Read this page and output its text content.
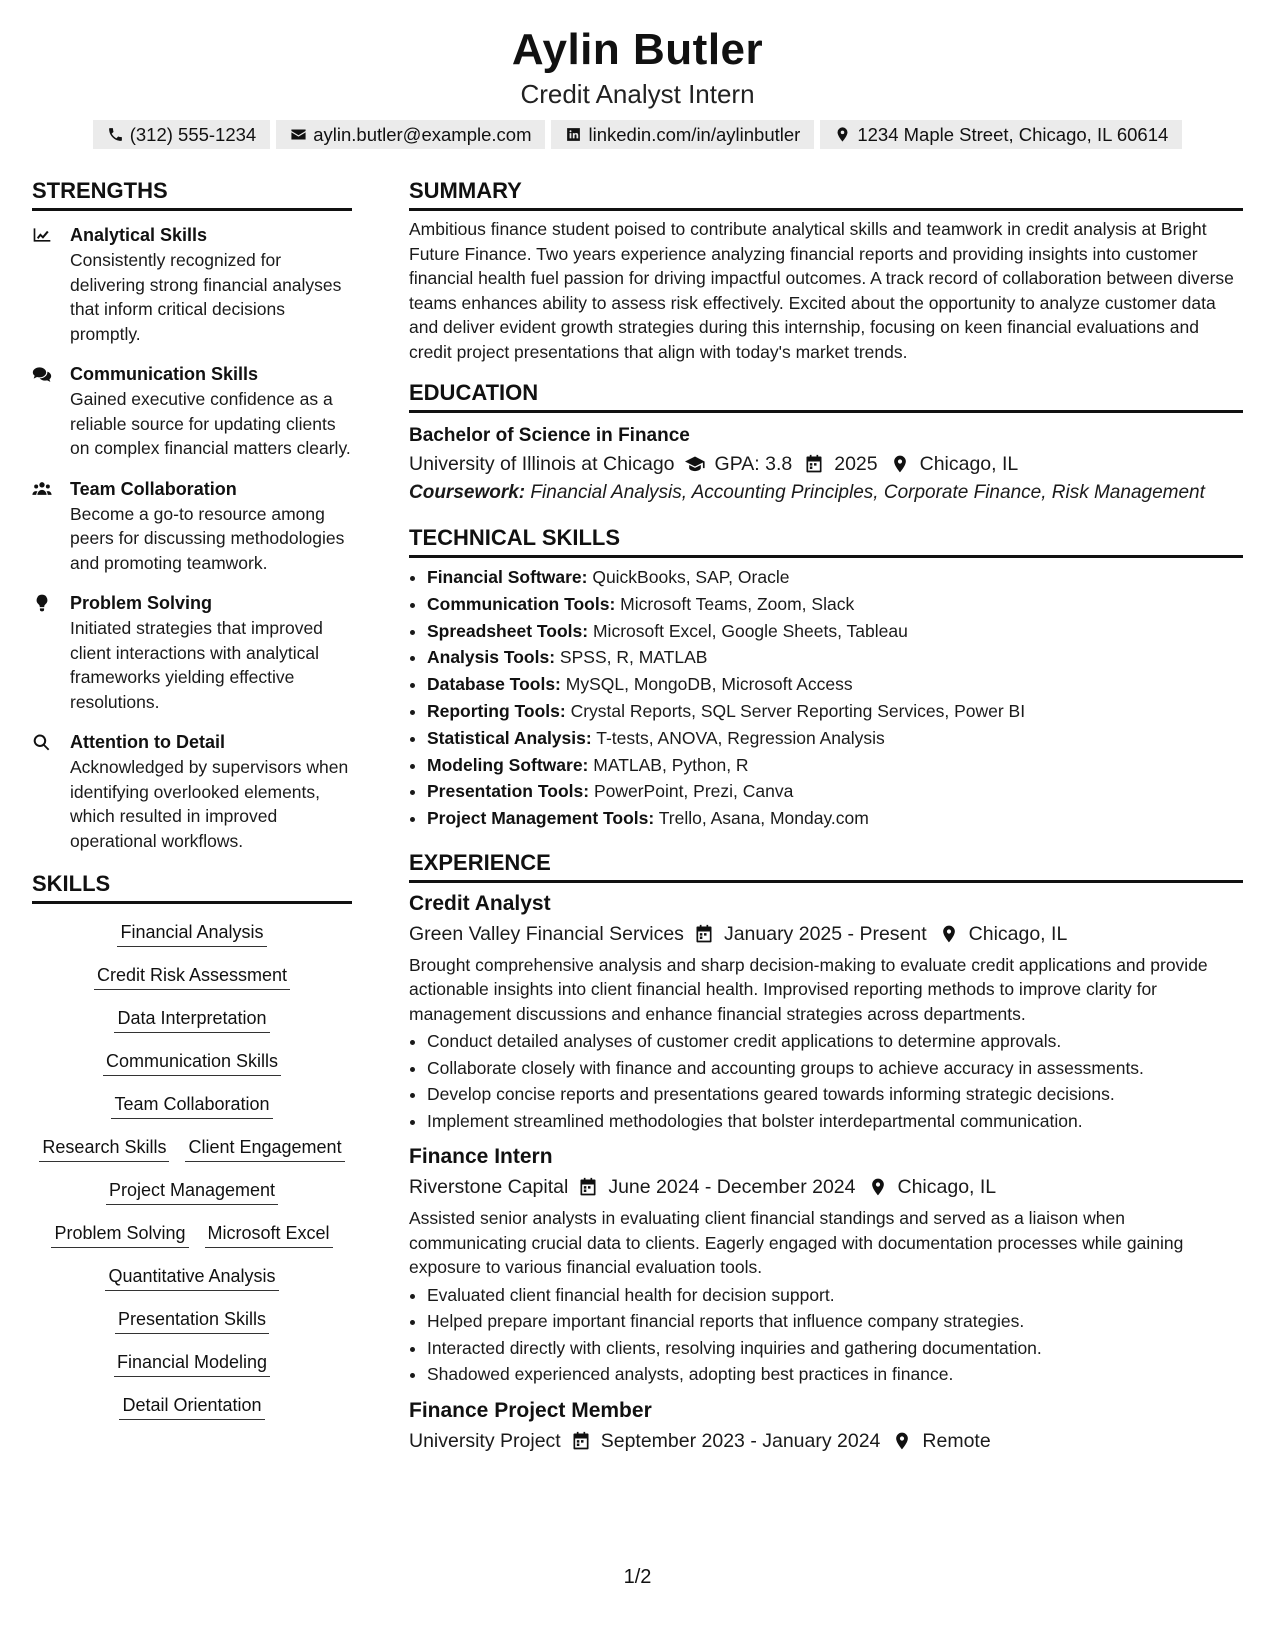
Aylin Butler
Credit Analyst Intern
(312) 555-1234	aylin.butler@example.com	linkedin.com/in/aylinbutler	1234 Maple Street, Chicago, IL 60614
STRENGTHS
Analytical Skills
Consistently recognized for delivering strong financial analyses that inform critical decisions promptly.
Communication Skills
Gained executive confidence as a reliable source for updating clients on complex financial matters clearly.
Team Collaboration
Become a go-to resource among peers for discussing methodologies and promoting teamwork.
Problem Solving
Initiated strategies that improved client interactions with analytical frameworks yielding effective resolutions.
Attention to Detail
Acknowledged by supervisors when identifying overlooked elements, which resulted in improved operational workflows.
SKILLS
Financial Analysis
Credit Risk Assessment
Data Interpretation
Communication Skills
Team Collaboration
Research Skills Client Engagement
Project Management
Problem Solving Microsoft Excel
Quantitative Analysis
Presentation Skills
Financial Modeling
Detail Orientation
SUMMARY
Ambitious finance student poised to contribute analytical skills and teamwork in credit analysis at Bright Future Finance. Two years experience analyzing financial reports and providing insights into customer financial health fuel passion for driving impactful outcomes. A track record of collaboration between diverse teams enhances ability to assess risk effectively. Excited about the opportunity to analyze customer data and deliver evident growth strategies during this internship, focusing on keen financial evaluations and credit project presentations that align with today's market trends.
EDUCATION
Bachelor of Science in Finance
University of Illinois at Chicago GPA: 3.8 2025 Chicago, IL
Coursework: Financial Analysis, Accounting Principles, Corporate Finance, Risk Management
TECHNICAL SKILLS
• Financial Software: QuickBooks, SAP, Oracle
• Communication Tools: Microsoft Teams, Zoom, Slack
• Spreadsheet Tools: Microsoft Excel, Google Sheets, Tableau
• Analysis Tools: SPSS, R, MATLAB
• Database Tools: MySQL, MongoDB, Microsoft Access
• Reporting Tools: Crystal Reports, SQL Server Reporting Services, Power BI
• Statistical Analysis: T-tests, ANOVA, Regression Analysis
• Modeling Software: MATLAB, Python, R
• Presentation Tools: PowerPoint, Prezi, Canva
• Project Management Tools: Trello, Asana, Monday.com
EXPERIENCE
Credit Analyst
Green Valley Financial Services January 2025 - Present Chicago, IL
Brought comprehensive analysis and sharp decision-making to evaluate credit applications and provide actionable insights into client financial health. Improvised reporting methods to improve clarity for management discussions and enhance financial strategies across departments.
• Conduct detailed analyses of customer credit applications to determine approvals.
• Collaborate closely with finance and accounting groups to achieve accuracy in assessments.
• Develop concise reports and presentations geared towards informing strategic decisions.
• Implement streamlined methodologies that bolster interdepartmental communication.
Finance Intern
Riverstone Capital June 2024 - December 2024 Chicago, IL
Assisted senior analysts in evaluating client financial standings and served as a liaison when communicating crucial data to clients. Eagerly engaged with documentation processes while gaining exposure to various financial evaluation tools.
• Evaluated client financial health for decision support.
• Helped prepare important financial reports that influence company strategies.
• Interacted directly with clients, resolving inquiries and gathering documentation.
• Shadowed experienced analysts, adopting best practices in finance.
Finance Project Member
University Project September 2023 - January 2024 Remote
1/2
